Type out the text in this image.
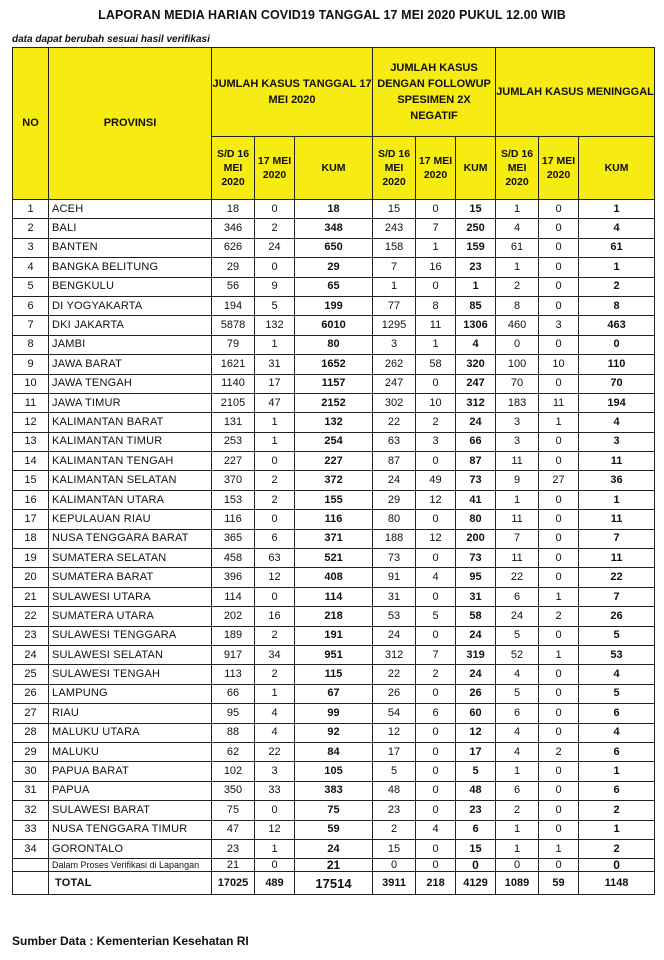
LAPORAN MEDIA HARIAN COVID19 TANGGAL 17 MEI 2020 PUKUL 12.00 WIB
data dapat berubah sesuai hasil verifikasi
NO	PROVINSI	JUMLAH KASUS TANGGAL 17 MEI 2020			JUMLAH KASUS DENGAN FOLLOWUP SPESIMEN 2X NEGATIF			JUMLAH KASUS MENINGGAL		
		S/D 16 MEI 2020	17 MEI 2020	KUM	S/D 16 MEI 2020	17 MEI 2020	KUM	S/D 16 MEI 2020	17 MEI 2020	KUM
1	ACEH	18	0	18	15	0	15	1	0	1
2	BALI	346	2	348	243	7	250	4	0	4
3	BANTEN	626	24	650	158	1	159	61	0	61
4	BANGKA BELITUNG	29	0	29	7	16	23	1	0	1
5	BENGKULU	56	9	65	1	0	1	2	0	2
6	DI YOGYAKARTA	194	5	199	77	8	85	8	0	8
7	DKI JAKARTA	5878	132	6010	1295	11	1306	460	3	463
8	JAMBI	79	1	80	3	1	4	0	0	0
9	JAWA BARAT	1621	31	1652	262	58	320	100	10	110
10	JAWA TENGAH	1140	17	1157	247	0	247	70	0	70
11	JAWA TIMUR	2105	47	2152	302	10	312	183	11	194
12	KALIMANTAN BARAT	131	1	132	22	2	24	3	1	4
13	KALIMANTAN TIMUR	253	1	254	63	3	66	3	0	3
14	KALIMANTAN TENGAH	227	0	227	87	0	87	11	0	11
15	KALIMANTAN SELATAN	370	2	372	24	49	73	9	27	36
16	KALIMANTAN UTARA	153	2	155	29	12	41	1	0	1
17	KEPULAUAN RIAU	116	0	116	80	0	80	11	0	11
18	NUSA TENGGARA BARAT	365	6	371	188	12	200	7	0	7
19	SUMATERA SELATAN	458	63	521	73	0	73	11	0	11
20	SUMATERA BARAT	396	12	408	91	4	95	22	0	22
21	SULAWESI UTARA	114	0	114	31	0	31	6	1	7
22	SUMATERA UTARA	202	16	218	53	5	58	24	2	26
23	SULAWESI TENGGARA	189	2	191	24	0	24	5	0	5
24	SULAWESI SELATAN	917	34	951	312	7	319	52	1	53
25	SULAWESI TENGAH	113	2	115	22	2	24	4	0	4
26	LAMPUNG	66	1	67	26	0	26	5	0	5
27	RIAU	95	4	99	54	6	60	6	0	6
28	MALUKU UTARA	88	4	92	12	0	12	4	0	4
29	MALUKU	62	22	84	17	0	17	4	2	6
30	PAPUA BARAT	102	3	105	5	0	5	1	0	1
31	PAPUA	350	33	383	48	0	48	6	0	6
32	SULAWESI BARAT	75	0	75	23	0	23	2	0	2
33	NUSA TENGGARA TIMUR	47	12	59	2	4	6	1	0	1
34	GORONTALO	23	1	24	15	0	15	1	1	2
	Dalam Proses Verifikasi di Lapangan	21	0	21	0	0	0	0	0	0
	TOTAL	17025	489	17514	3911	218	4129	1089	59	1148
Sumber Data : Kementerian Kesehatan RI
